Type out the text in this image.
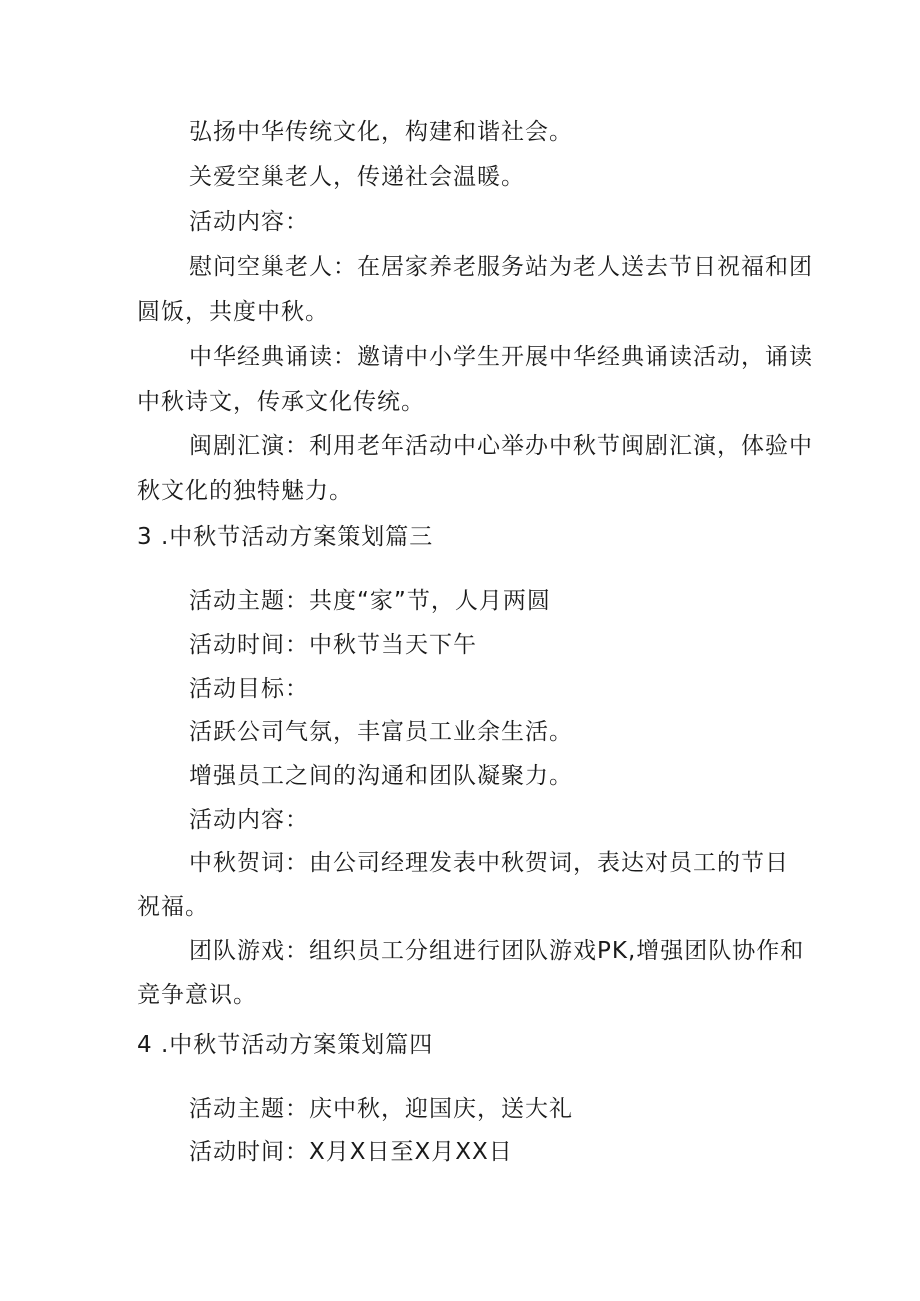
弘扬中华传统文化，构建和谐社会。

关爱空巢老人，传递社会温暖。

活动内容：

慰问空巢老人：在居家养老服务站为老人送去节日祝福和团

圆饭，共度中秋。

中华经典诵读：邀请中小学生开展中华经典诵读活动，诵读

中秋诗文，传承文化传统。

闽剧汇演：利用老年活动中心举办中秋节闽剧汇演，体验中

秋文化的独特魅力。

3 .中秋节活动方案策划篇三

活动主题：共度“家”节，人月两圆

活动时间：中秋节当天下午

活动目标：

活跃公司气氛，丰富员工业余生活。

增强员工之间的沟通和团队凝聚力。

活动内容：

中秋贺词：由公司经理发表中秋贺词，表达对员工的节日

祝福。

团队游戏：组织员工分组进行团队游戏PK,增强团队协作和

竞争意识。

4 .中秋节活动方案策划篇四

活动主题：庆中秋，迎国庆，送大礼

活动时间：X月X日至X月XX日
